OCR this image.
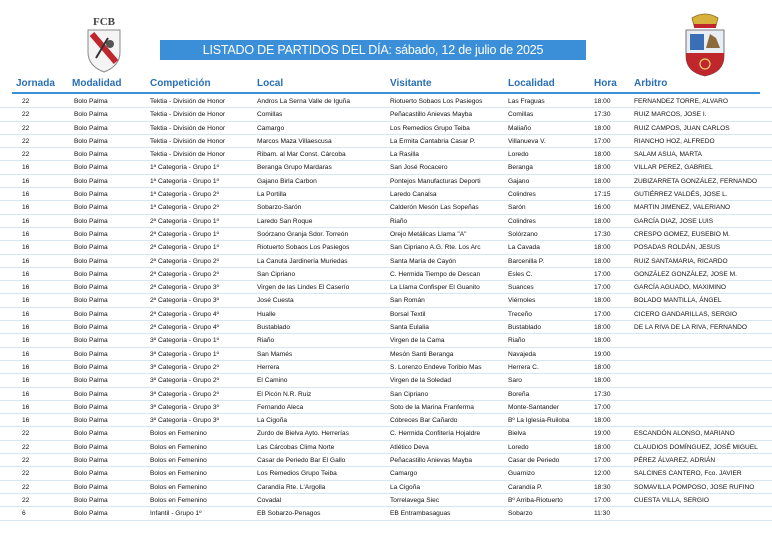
FCB
LISTADO DE PARTIDOS DEL DÍA: sábado, 12 de julio de 2025
Jornada Modalidad	Competición	Local	Visitante	Localidad	Hora Arbitro
22	Bolo Palma	Tektia - División de Honor	Andros La Serna Valle de Iguña	Riotuerto Sobaos Los Pasiegos	Las Fraguas	18:00	FERNANDEZ TORRE, ALVARO
22	Bolo Palma	Tektia - División de Honor	Comillas	Peñacastillo Anievas Mayba	Comillas	17:30	RUIZ MARCOS, JOSE I.
22	Bolo Palma	Tektia - División de Honor	Camargo	Los Remedios Grupo Teiba	Maliaño	18:00	RUIZ CAMPOS, JUAN CARLOS
22	Bolo Palma	Tektia - División de Honor	Marcos Maza Villaescusa	La Ermita Cantabria Casar P.	Villanueva V.	17:00	RIANCHO HOZ, ALFREDO
22	Bolo Palma	Tektia - División de Honor	Ribam. al Mar Const. Cárcoba	La Rasilla	Loredo	18:00	SALAM ASUA, MARTA
16	Bolo Palma	1ª Categoría - Grupo 1º	Beranga Grupo Mardaras	San José Rocacero	Beranga	18:00	VILLAR PEREZ, GABRIEL
16	Bolo Palma	1ª Categoría - Grupo 1º	Gajano Birla Carbon	Pontejos Manufacturas Deporti	Gajano	18:00	ZUBIZARRETA GONZÁLEZ, FERNANDO
16	Bolo Palma	1ª Categoría - Grupo 2º	La Portilla	Laredo Canalsa	Colindres	17:15	GUTIÉRREZ VALDÉS, JOSE L.
16	Bolo Palma	1ª Categoría - Grupo 2º	Sobarzo-Sarón	Calderón Mesón Las Sopeñas	Sarón	16:00	MARTIN JIMENEZ, VALERIANO
16	Bolo Palma	2ª Categoría - Grupo 1º	Laredo San Roque	Riaño	Colindres	18:00	GARCÍA DIAZ, JOSE LUIS
16	Bolo Palma	2ª Categoría - Grupo 1º	Soórzano Granja Sdor. Torreón	Orejo Metálicas Llama "A"	Solórzano	17:30	CRESPO GOMEZ, EUSEBIO M.
16	Bolo Palma	2ª Categoría - Grupo 1º	Riotuerto Sobaos Los Pasiegos	San Cipriano A.G. Rte. Los Arc	La Cavada	18:00	POSADAS ROLDÁN, JESUS
16	Bolo Palma	2ª Categoría - Grupo 2º	La Canuta Jardinería Muriedas	Santa María de Cayón	Barcenilla P.	18:00	RUIZ SANTAMARIA, RICARDO
16	Bolo Palma	2ª Categoría - Grupo 2º	San Cipriano	C. Hermida Tiempo de Descan	Esles C.	17:00	GONZÁLEZ GONZÁLEZ, JOSE M.
16	Bolo Palma	2ª Categoría - Grupo 3º	Virgen de las Lindes El Caserío	La Llama Confisper El Guanito	Suances	17:00	GARCÍA AGUADO, MAXIMINO
16	Bolo Palma	2ª Categoría - Grupo 3º	José Cuesta	San Román	Viérnoles	18:00	BOLADO MANTILLA, ÁNGEL
16	Bolo Palma	2ª Categoría - Grupo 4º	Hualle	Borsal Textil	Treceño	17:00	CICERO GANDARILLAS, SERGIO
16	Bolo Palma	2ª Categoría - Grupo 4º	Bustablado	Santa Eulalia	Bustablado	18:00	DE LA RIVA DE LA RIVA, FERNANDO
16	Bolo Palma	3ª Categoría - Grupo 1º	Riaño	Virgen de la Cama	Riaño	18:00
16	Bolo Palma	3ª Categoría - Grupo 1º	San Mamés	Mesón Santi Beranga	Navajeda	19:00
16	Bolo Palma	3ª Categoría - Grupo 2º	Herrera	S. Lorenzo Endeve Toribio Mas	Herrera C.	18:00
16	Bolo Palma	3ª Categoría - Grupo 2º	El Camino	Virgen de la Soledad	Saro	18:00
16	Bolo Palma	3ª Categoría - Grupo 2º	El Picón N.R. Ruiz	San Cipriano	Boreña	17:30
16	Bolo Palma	3ª Categoría - Grupo 3º	Fernando Aleca	Soto de la Marina Franferma	Monte-Santander	17:00
16	Bolo Palma	3ª Categoría - Grupo 3º	La Cigoña	Cóbreces Bar Cañardo	Bº La Iglesia-Ruiloba	18:00
22	Bolo Palma	Bolos en Femenino	Zurdo de Bielva Ayto. Herrerías	C. Hermida Confitería Hojaldre	Bielva	19:00	ESCANDÓN ALONSO, MARIANO
22	Bolo Palma	Bolos en Femenino	Las Cárcobas Clima Norte	Atlético Deva	Loredo	18:00	CLAUDIOS DOMÍNGUEZ, JOSÉ MIGUEL
22	Bolo Palma	Bolos en Femenino	Casar de Periedo Bar El Gallo	Peñacastillo Anievas Mayba	Casar de Periedo	17:00	PÉREZ ÁLVAREZ, ADRIÁN
22	Bolo Palma	Bolos en Femenino	Los Remedios Grupo Teiba	Camargo	Guarnizo	12:00	SALCINES CANTERO, Fco. JAVIER
22	Bolo Palma	Bolos en Femenino	Carandía Rte. L'Argolla	La Cigoña	Carandía P.	18:30	SOMAVILLA POMPOSO, JOSE RUFINO
22	Bolo Palma	Bolos en Femenino	Covadal	Torrelavega Siec	Bº Arriba-Riotuerto	17:00	CUESTA VILLA, SERGIO
6	Bolo Palma	Infantil - Grupo 1º	EB Sobarzo-Penagos	EB Entrambasaguas	Sobarzo	11:30
